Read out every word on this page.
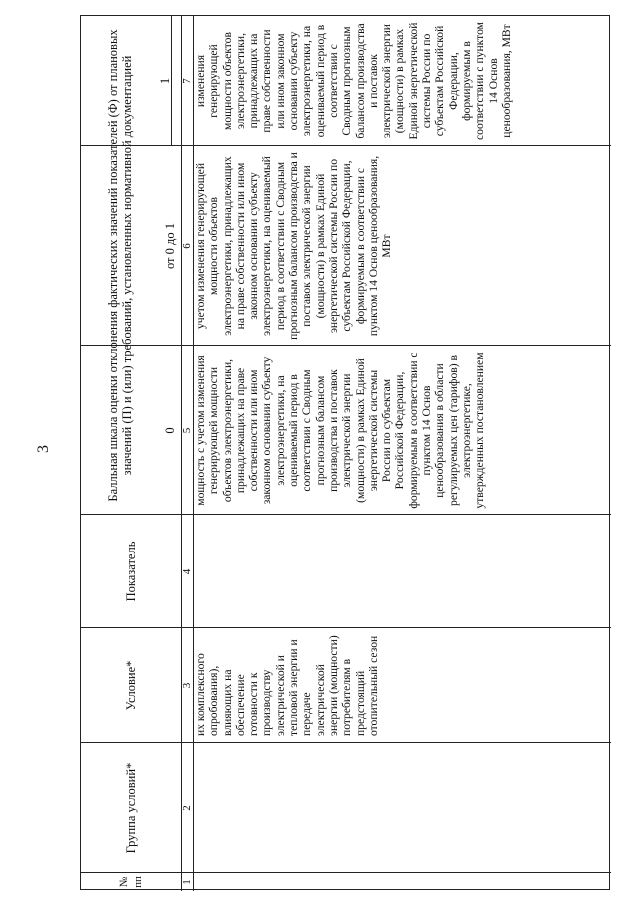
3
№ пп
Группа условий*
Условие*
Показатель
Балльная шкала оценки отклонения фактических значений показателей (Ф) от плановых значений (П) и (или) требований, установленных нормативной документацией	0
от 0 до 1
1
1
2
3
4
5
6
7
их комплексного опробования), влияющих на обеспечение готовности к производству электрической и тепловой энергии и передаче электрической энергии (мощности) потребителям в предстоящий отопительный сезон
мощность с учетом изменения генерирующей мощности объектов электроэнергетики, принадлежащих на праве собственности или ином законном основании субъекту электроэнергетики, на оцениваемый период в соответствии с Сводным прогнозным балансом производства и поставок электрической энергии (мощности) в рамках Единой энергетической системы России по субъектам Российской Федерации, формируемым в соответствии с пунктом 14 Основ ценообразования в области регулируемых цен (тарифов) в электроэнергетике, утвержденных постановлением
учетом изменения генерирующей мощности объектов электроэнергетики, принадлежащих на праве собственности или ином законном основании субъекту электроэнергетики, на оцениваемый период в соответствии с Сводным прогнозным балансом производства и поставок электрической энергии (мощности) в рамках Единой энергетической системы России по субъектам Российской Федерации, формируемым в соответствии с пунктом 14 Основ ценообразования, МВт
изменения генерирующей мощности объектов электроэнергетики, принадлежащих на праве собственности или ином законном основании субъекту электроэнергетики, на оцениваемый период в соответствии с Сводным прогнозным балансом производства и поставок электрической энергии (мощности) в рамках Единой энергетической системы России по субъектам Российской Федерации, формируемым в соответствии с пунктом 14 Основ ценообразования, МВт
